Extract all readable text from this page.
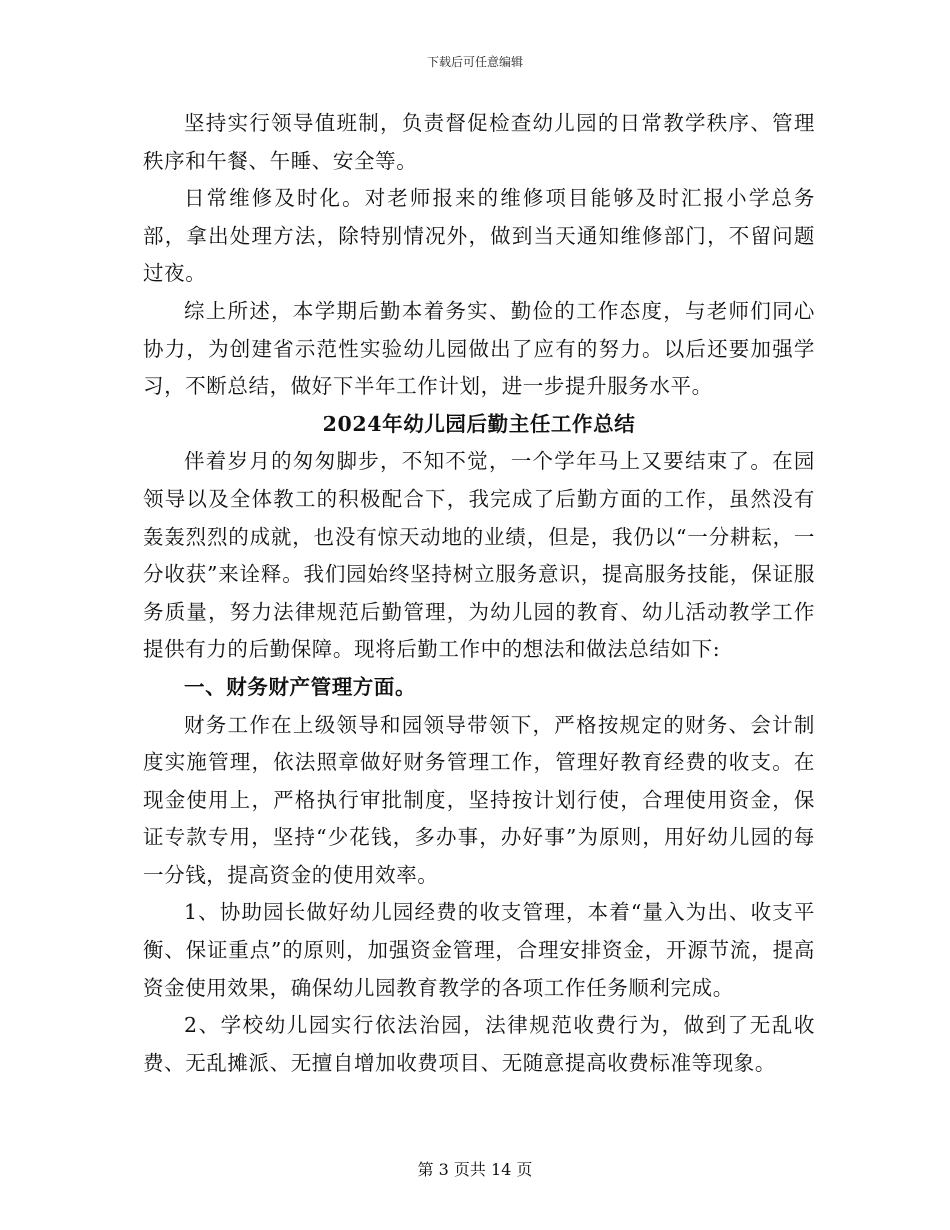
下载后可任意编辑

坚持实行领导值班制，负责督促检查幼儿园的日常教学秩序、管理秩序和午餐、午睡、安全等。

日常维修及时化。对老师报来的维修项目能够及时汇报小学总务部，拿出处理方法，除特别情况外，做到当天通知维修部门，不留问题过夜。

综上所述，本学期后勤本着务实、勤俭的工作态度，与老师们同心协力，为创建省示范性实验幼儿园做出了应有的努力。以后还要加强学习，不断总结，做好下半年工作计划，进一步提升服务水平。

2024年幼儿园后勤主任工作总结

伴着岁月的匆匆脚步，不知不觉，一个学年马上又要结束了。在园领导以及全体教工的积极配合下，我完成了后勤方面的工作，虽然没有轰轰烈烈的成就，也没有惊天动地的业绩，但是，我仍以“一分耕耘，一分收获”来诠释。我们园始终坚持树立服务意识，提高服务技能，保证服务质量，努力法律规范后勤管理，为幼儿园的教育、幼儿活动教学工作提供有力的后勤保障。现将后勤工作中的想法和做法总结如下:

一、财务财产管理方面。

财务工作在上级领导和园领导带领下，严格按规定的财务、会计制度实施管理，依法照章做好财务管理工作，管理好教育经费的收支。在现金使用上，严格执行审批制度，坚持按计划行使，合理使用资金，保证专款专用，坚持“少花钱，多办事，办好事”为原则，用好幼儿园的每一分钱，提高资金的使用效率。

1、协助园长做好幼儿园经费的收支管理，本着“量入为出、收支平衡、保证重点”的原则，加强资金管理，合理安排资金，开源节流，提高资金使用效果，确保幼儿园教育教学的各项工作任务顺利完成。

2、学校幼儿园实行依法治园，法律规范收费行为，做到了无乱收费、无乱摊派、无擅自增加收费项目、无随意提高收费标准等现象。

第 3 页共 14 页
